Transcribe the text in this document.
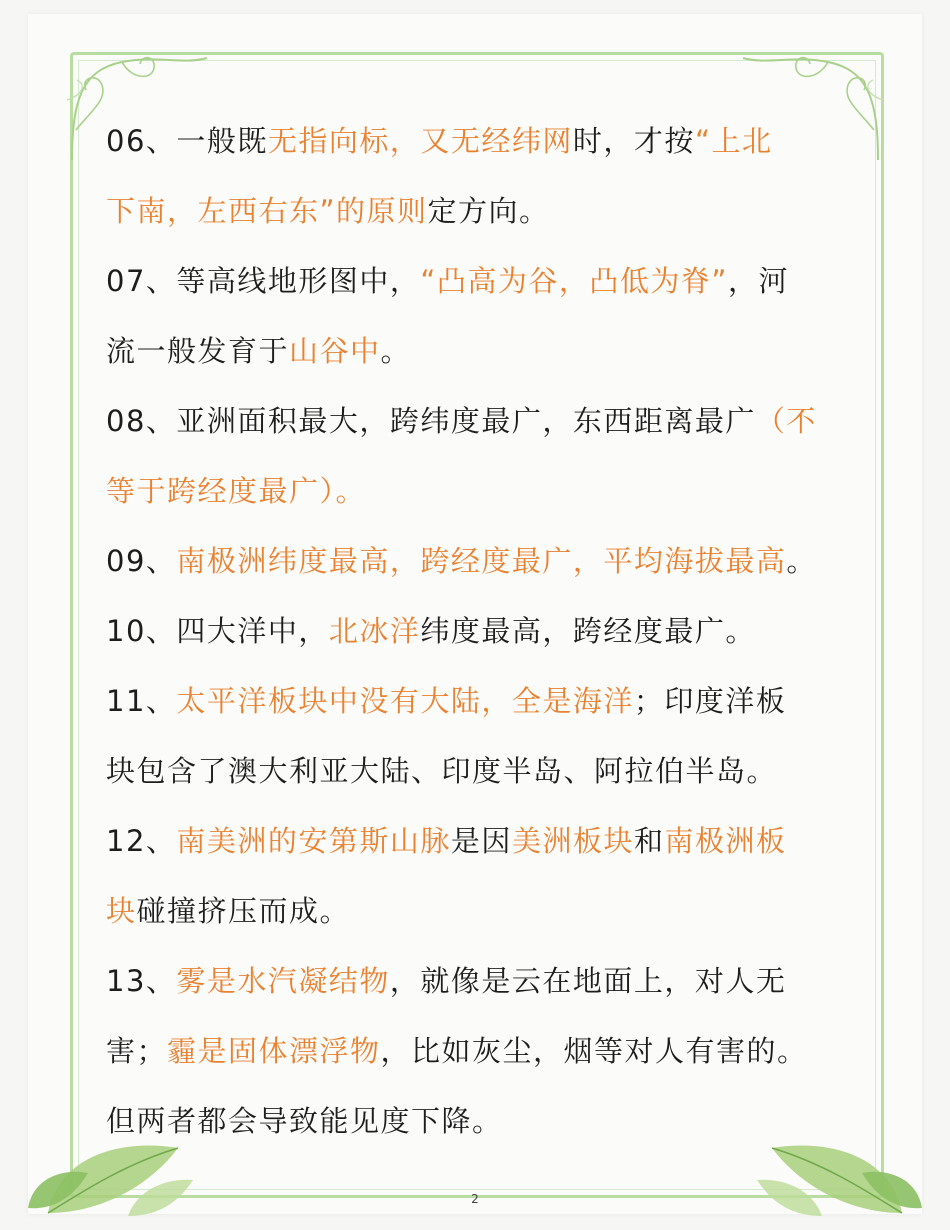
06、一般既无指向标，又无经纬网时，才按“上北
下南，左西右东”的原则定方向。
07、等高线地形图中，“凸高为谷，凸低为脊”，河
流一般发育于山谷中。
08、亚洲面积最大，跨纬度最广，东西距离最广（不
等于跨经度最广）。
09、南极洲纬度最高，跨经度最广，平均海拔最高。
10、四大洋中，北冰洋纬度最高，跨经度最广。
11、太平洋板块中没有大陆，全是海洋；印度洋板
块包含了澳大利亚大陆、印度半岛、阿拉伯半岛。
12、南美洲的安第斯山脉是因美洲板块和南极洲板
块碰撞挤压而成。
13、雾是水汽凝结物，就像是云在地面上，对人无
害；霾是固体漂浮物，比如灰尘，烟等对人有害的。
但两者都会导致能见度下降。
2
